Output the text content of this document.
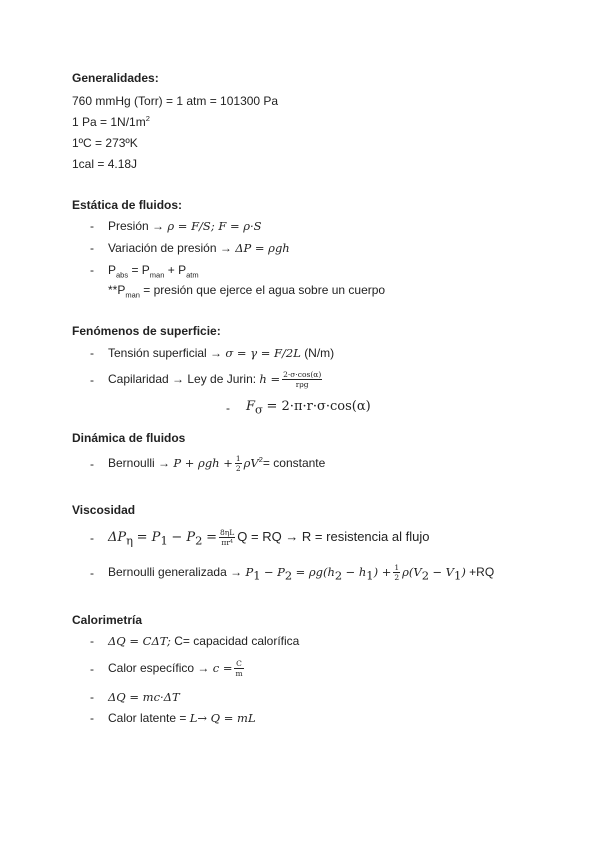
Generalidades:
760 mmHg (Torr) = 1 atm = 101300 Pa
1 $Pa = 1N/1m^2$
1ºC = 273ºK
1cal = 4.18J
Estática de fluidos:
- Presión → ρ = F/S; F = ρ·S
- Variación de presión → ΔP = ρgh
- $P_{abs} = P_{man} + P_{atm}$
$**P_{man}$ = presión que ejerce el agua sobre un cuerpo
Fenómenos de superficie:
- Tensión superficial → σ = γ = F/2L (N/m)
- Capilaridad → Ley de Jurin: $h = \frac{2\cdot\sigma\cdot\cos(\alpha)}{\text{rρg}}$
- $F_\sigma = 2\cdot\pi\cdot r\cdot\sigma\cdot\cos(\alpha)$
Dinámica de fluidos
- Bernoulli → $P + \rho gh + \frac{1}{2} \rho V^2=$ constante
Viscosidad
- $\Delta P_\eta = P_1 - P_2 = \frac{8\eta L}{\text{πr⁴}}$ Q = RQ → R = resistencia al flujo
- Bernoulli generalizada → $P_1 - P_2 = \rho g(h_2 - h_1) + \frac{1}{2} \rho(V_2 - V_1) +RQ$
Calorimetría
- ΔQ = CΔT; C= capacidad calorífica
- Calor específico → $c = \frac{C}{m}$
- ΔQ = mc·ΔT
- Calor latente = L→ Q = mL
